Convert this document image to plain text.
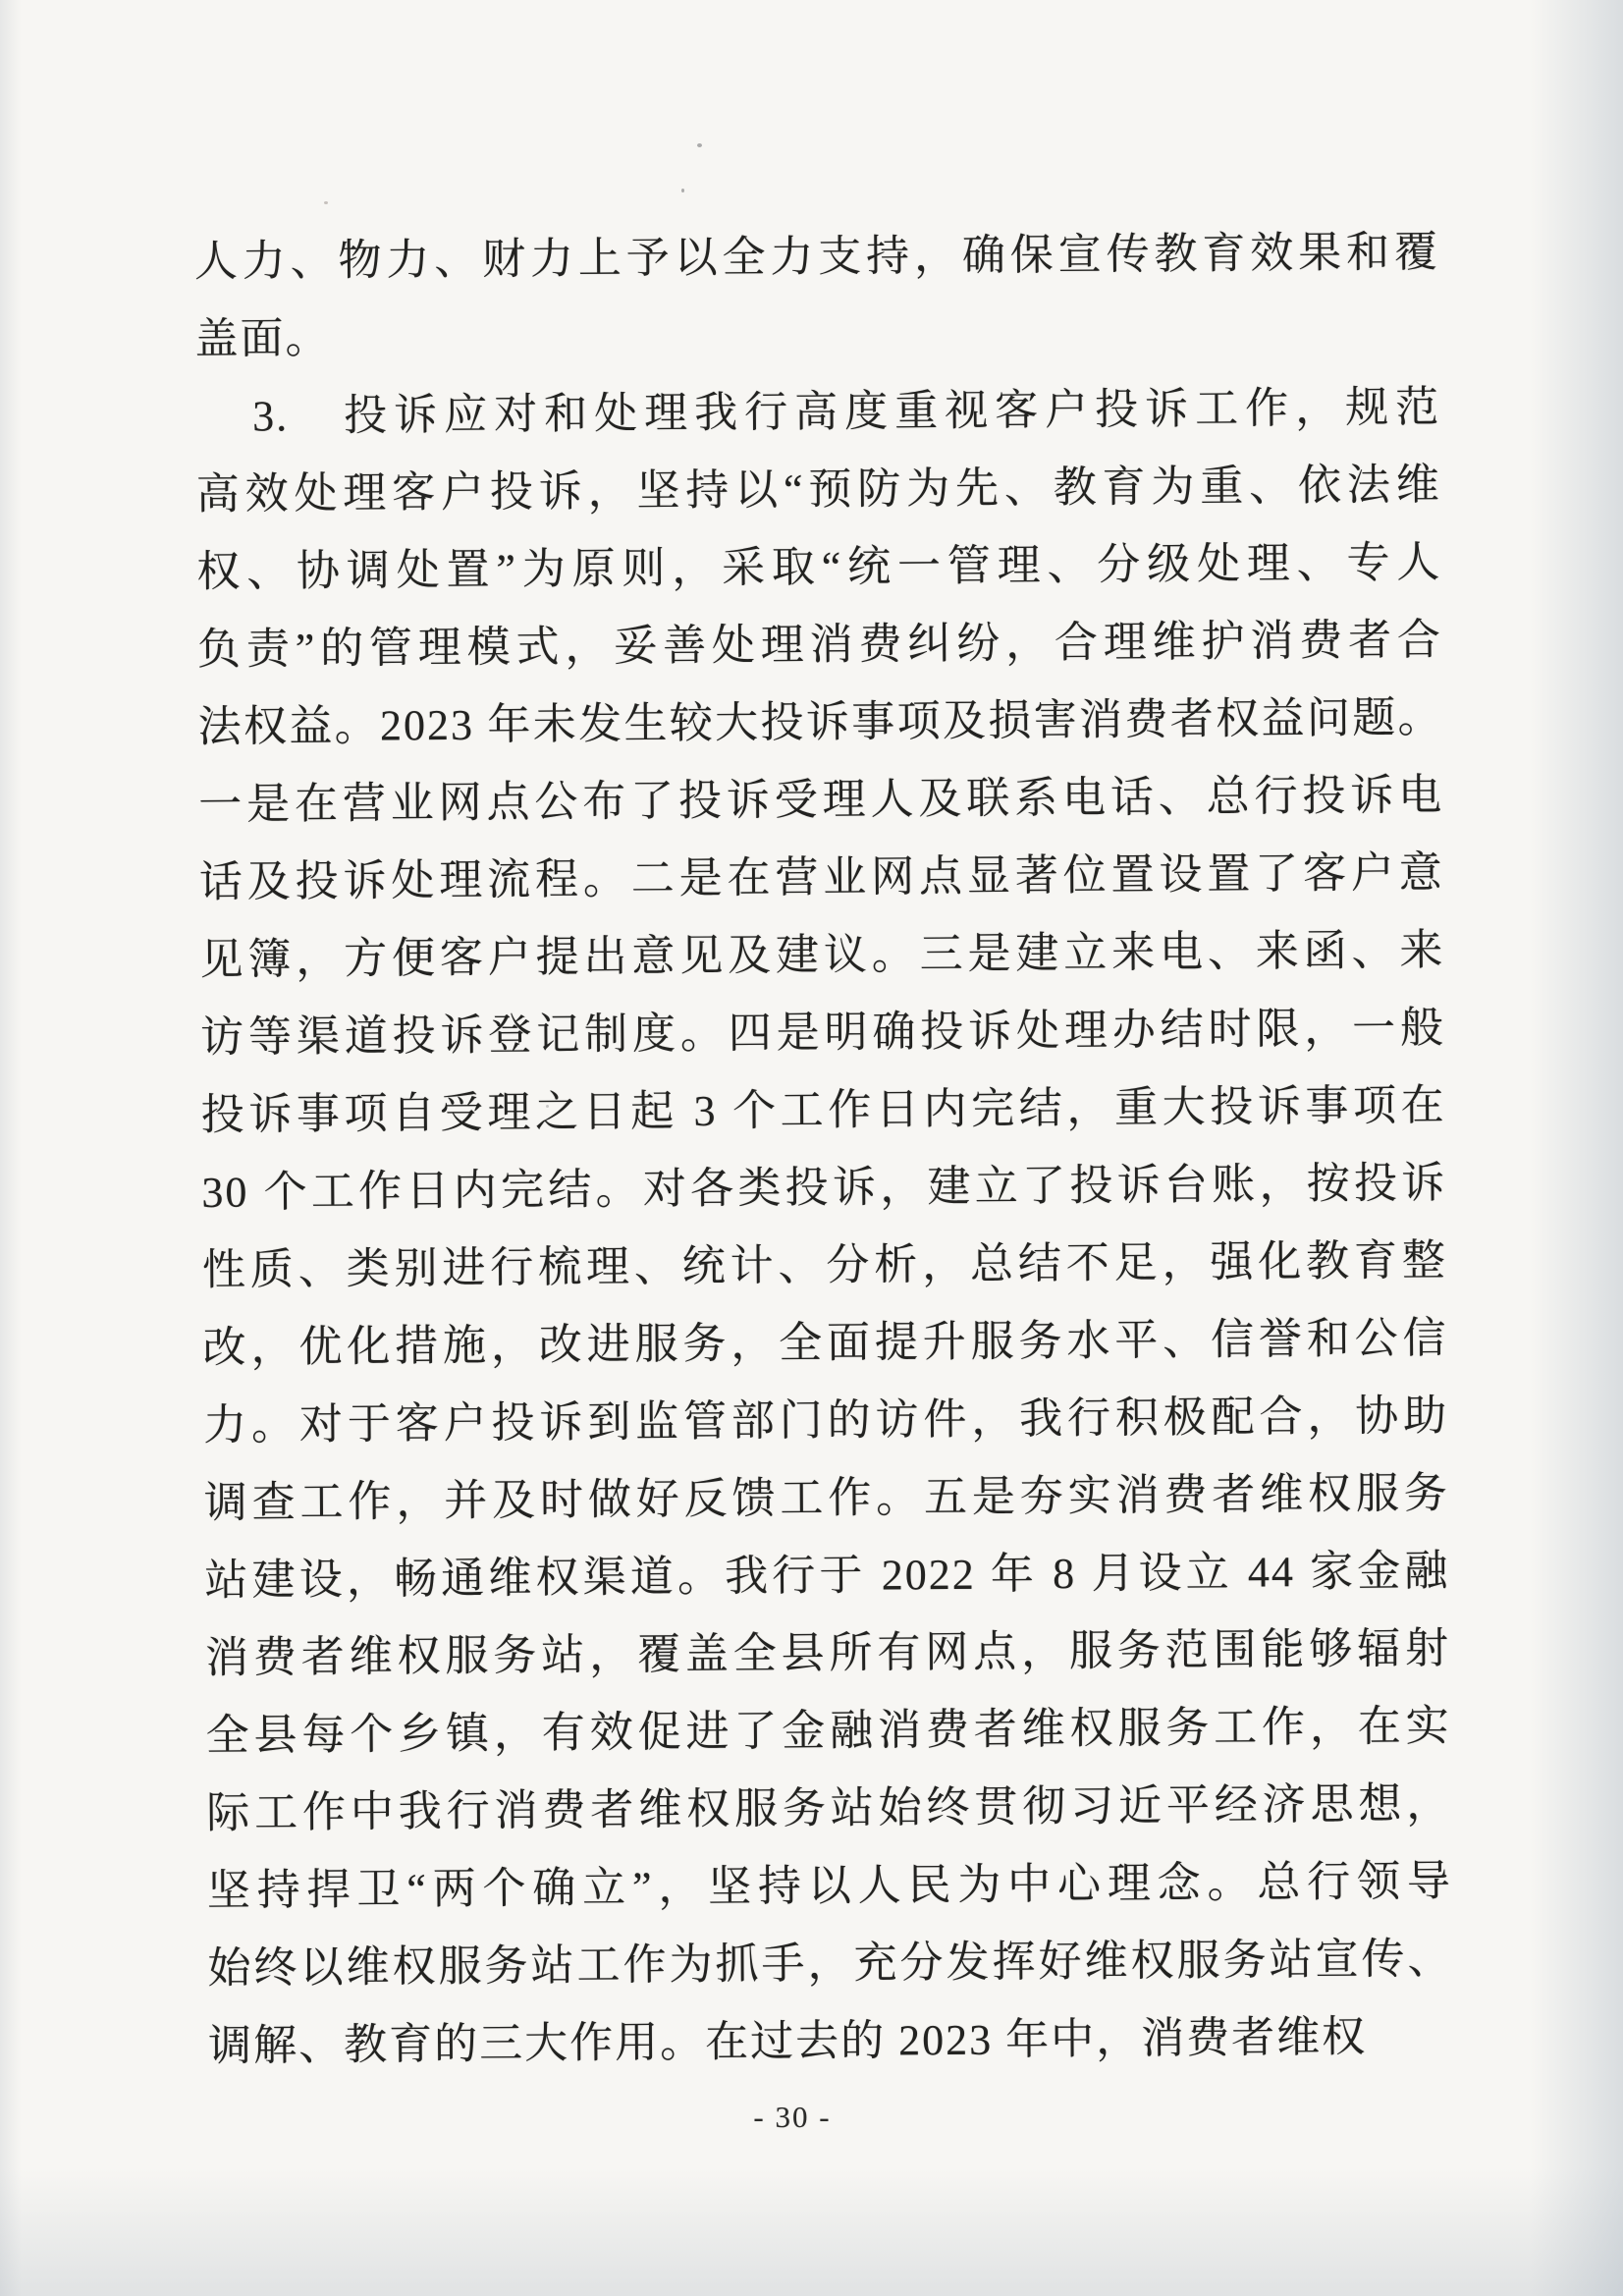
人力、物力、财力上予以全力支持，确保宣传教育效果和覆
盖面。
3.　投诉应对和处理我行高度重视客户投诉工作，规范
高效处理客户投诉，坚持以“预防为先、教育为重、依法维
权、协调处置”为原则，采取“统一管理、分级处理、专人
负责”的管理模式，妥善处理消费纠纷，合理维护消费者合
法权益。2023 年未发生较大投诉事项及损害消费者权益问题。
一是在营业网点公布了投诉受理人及联系电话、总行投诉电
话及投诉处理流程。二是在营业网点显著位置设置了客户意
见簿，方便客户提出意见及建议。三是建立来电、来函、来
访等渠道投诉登记制度。四是明确投诉处理办结时限，一般
投诉事项自受理之日起 3 个工作日内完结，重大投诉事项在
30 个工作日内完结。对各类投诉，建立了投诉台账，按投诉
性质、类别进行梳理、统计、分析，总结不足，强化教育整
改，优化措施，改进服务，全面提升服务水平、信誉和公信
力。对于客户投诉到监管部门的访件，我行积极配合，协助
调查工作，并及时做好反馈工作。五是夯实消费者维权服务
站建设，畅通维权渠道。我行于 2022 年 8 月设立 44 家金融
消费者维权服务站，覆盖全县所有网点，服务范围能够辐射
全县每个乡镇，有效促进了金融消费者维权服务工作，在实
际工作中我行消费者维权服务站始终贯彻习近平经济思想，
坚持捍卫“两个确立”，坚持以人民为中心理念。总行领导
始终以维权服务站工作为抓手，充分发挥好维权服务站宣传、
调解、教育的三大作用。在过去的 2023 年中，消费者维权
- 30 -
